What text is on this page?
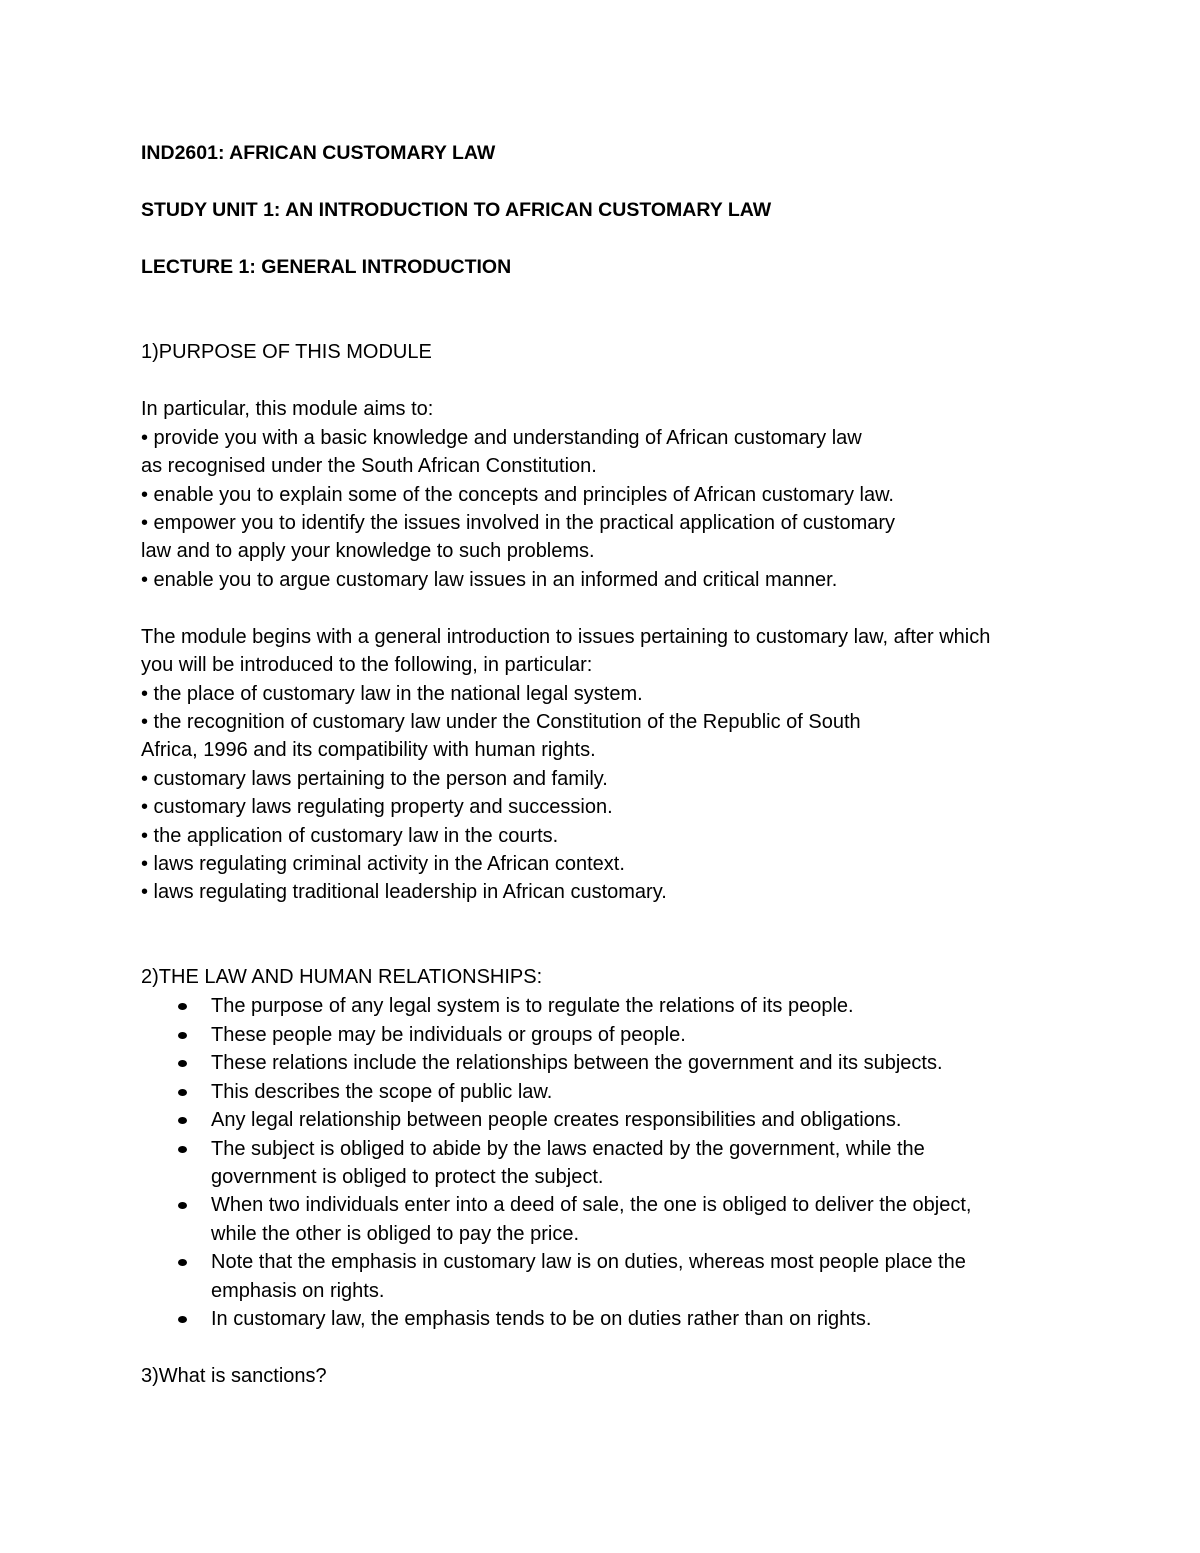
IND2601: AFRICAN CUSTOMARY LAW
STUDY UNIT 1: AN INTRODUCTION TO AFRICAN CUSTOMARY LAW
LECTURE 1: GENERAL INTRODUCTION
1)PURPOSE OF THIS MODULE
In particular, this module aims to:
• provide you with a basic knowledge and understanding of African customary law
as recognised under the South African Constitution.
• enable you to explain some of the concepts and principles of African customary law.
• empower you to identify the issues involved in the practical application of customary
law and to apply your knowledge to such problems.
• enable you to argue customary law issues in an informed and critical manner.
The module begins with a general introduction to issues pertaining to customary law, after which
you will be introduced to the following, in particular:
• the place of customary law in the national legal system.
• the recognition of customary law under the Constitution of the Republic of South
Africa, 1996 and its compatibility with human rights.
• customary laws pertaining to the person and family.
• customary laws regulating property and succession.
• the application of customary law in the courts.
• laws regulating criminal activity in the African context.
• laws regulating traditional leadership in African customary.
2)THE LAW AND HUMAN RELATIONSHIPS:
The purpose of any legal system is to regulate the relations of its people.
These people may be individuals or groups of people.
These relations include the relationships between the government and its subjects.
This describes the scope of public law.
Any legal relationship between people creates responsibilities and obligations.
The subject is obliged to abide by the laws enacted by the government, while the
government is obliged to protect the subject.
When two individuals enter into a deed of sale, the one is obliged to deliver the object,
while the other is obliged to pay the price.
Note that the emphasis in customary law is on duties, whereas most people place the
emphasis on rights.
In customary law, the emphasis tends to be on duties rather than on rights.
3)What is sanctions?
